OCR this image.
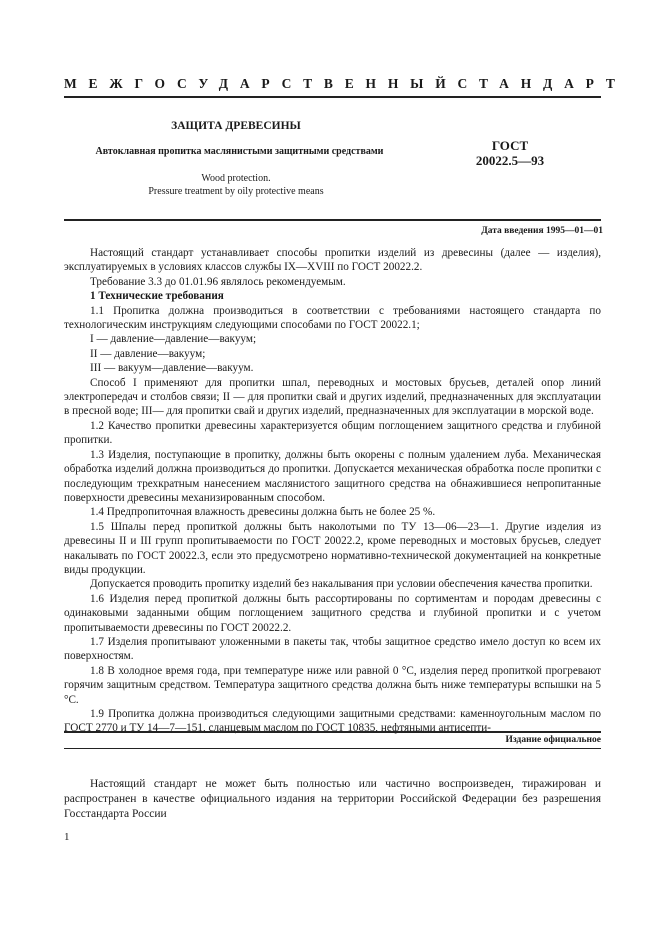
МЕЖГОСУДАРСТВЕННЫЙ СТАНДАРТ
ЗАЩИТА ДРЕВЕСИНЫ
Автоклавная пропитка маслянистыми защитными средствами
Wood protection.
Pressure treatment by oily protective means
ГОСТ
20022.5—93
Дата введения 1995—01—01

Настоящий стандарт устанавливает способы пропитки изделий из древесины (далее — изделия), эксплуатируемых в условиях классов службы IX—XVIII по ГОСТ 20022.2.

Требование 3.3 до 01.01.96 являлось рекомендуемым.

1 Технические требования

1.1 Пропитка должна производиться в соответствии с требованиями настоящего стандарта по технологическим инструкциям следующими способами по ГОСТ 20022.1;

I — давление—давление—вакуум;

II — давление—вакуум;

III — вакуум—давление—вакуум.

Способ I применяют для пропитки шпал, переводных и мостовых брусьев, деталей опор линий электропередач и столбов связи; II — для пропитки свай и других изделий, предназначенных для эксплуатации в пресной воде; III— для пропитки свай и других изделий, предназначенных для эксплуатации в морской воде.

1.2 Качество пропитки древесины характеризуется общим поглощением защитного средства и глубиной пропитки.

1.3 Изделия, поступающие в пропитку, должны быть окорены с полным удалением луба. Механическая обработка изделий должна производиться до пропитки. Допускается механическая обработка после пропитки с последующим трехкратным нанесением маслянистого защитного средства на обнажившиеся непропитанные поверхности древесины механизированным способом.

1.4 Предпропиточная влажность древесины должна быть не более 25 %.

1.5 Шпалы перед пропиткой должны быть наколотыми по ТУ 13—06—23—1. Другие изделия из древесины II и III групп пропитываемости по ГОСТ 20022.2, кроме переводных и мостовых брусьев, следует накалывать по ГОСТ 20022.3, если это предусмотрено нормативно-технической документацией на конкретные виды продукции.

Допускается проводить пропитку изделий без накалывания при условии обеспечения качества пропитки.

1.6 Изделия перед пропиткой должны быть рассортированы по сортиментам и породам древесины с одинаковыми заданными общим поглощением защитного средства и глубиной пропитки и с учетом пропитываемости древесины по ГОСТ 20022.2.

1.7 Изделия пропитывают уложенными в пакеты так, чтобы защитное средство имело доступ ко всем их поверхностям.

1.8 В холодное время года, при температуре ниже или равной 0 °С, изделия перед пропиткой прогревают горячим защитным средством. Температура защитного средства должна быть ниже температуры вспышки на 5 °С.

1.9 Пропитка должна производиться следующими защитными средствами: каменноугольным маслом по ГОСТ 2770 и ТУ 14—7—151, сланцевым маслом по ГОСТ 10835, нефтяными антисепти-

Издание официальное
Настоящий стандарт не может быть полностью или частично воспроизведен, тиражирован и распространен в качестве официального издания на территории Российской Федерации без разрешения Госстандарта России
1
